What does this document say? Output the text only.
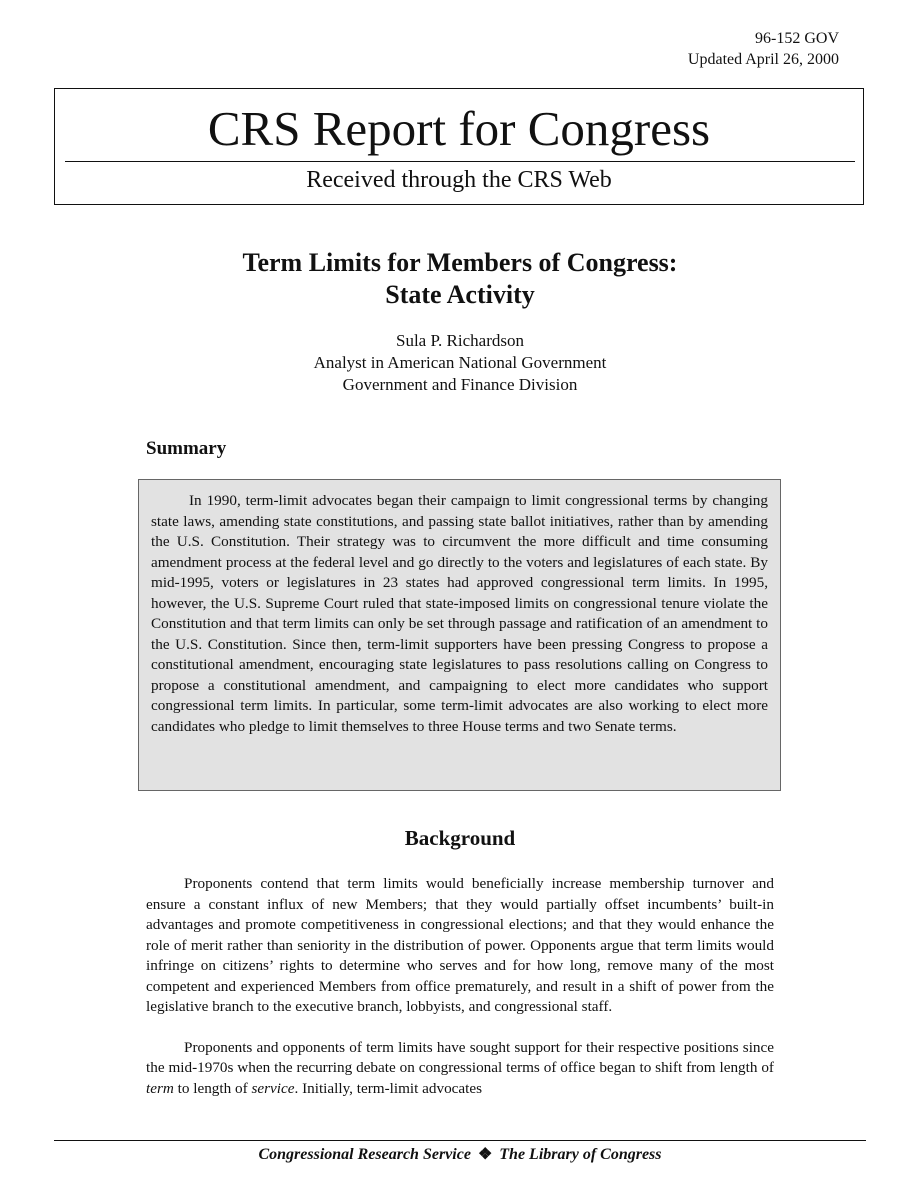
96-152 GOV
Updated April 26, 2000
CRS Report for Congress
Received through the CRS Web
Term Limits for Members of Congress:
State Activity
Sula P. Richardson
Analyst in American National Government
Government and Finance Division
Summary

In 1990, term-limit advocates began their campaign to limit congressional terms by changing state laws, amending state constitutions, and passing state ballot initiatives, rather than by amending the U.S. Constitution. Their strategy was to circumvent the more difficult and time consuming amendment process at the federal level and go directly to the voters and legislatures of each state. By mid-1995, voters or legislatures in 23 states had approved congressional term limits. In 1995, however, the U.S. Supreme Court ruled that state-imposed limits on congressional tenure violate the Constitution and that term limits can only be set through passage and ratification of an amendment to the U.S. Constitution. Since then, term-limit supporters have been pressing Congress to propose a constitutional amendment, encouraging state legislatures to pass resolutions calling on Congress to propose a constitutional amendment, and campaigning to elect more candidates who support congressional term limits. In particular, some term-limit advocates are also working to elect more candidates who pledge to limit themselves to three House terms and two Senate terms.

Background

Proponents contend that term limits would beneficially increase membership turnover and ensure a constant influx of new Members; that they would partially offset incumbents’ built-in advantages and promote competitiveness in congressional elections; and that they would enhance the role of merit rather than seniority in the distribution of power. Opponents argue that term limits would infringe on citizens’ rights to determine who serves and for how long, remove many of the most competent and experienced Members from office prematurely, and result in a shift of power from the legislative branch to the executive branch, lobbyists, and congressional staff.

Proponents and opponents of term limits have sought support for their respective positions since the mid-1970s when the recurring debate on congressional terms of office began to shift from length of term to length of service. Initially, term-limit advocates

Congressional Research Service ❖ The Library of Congress
